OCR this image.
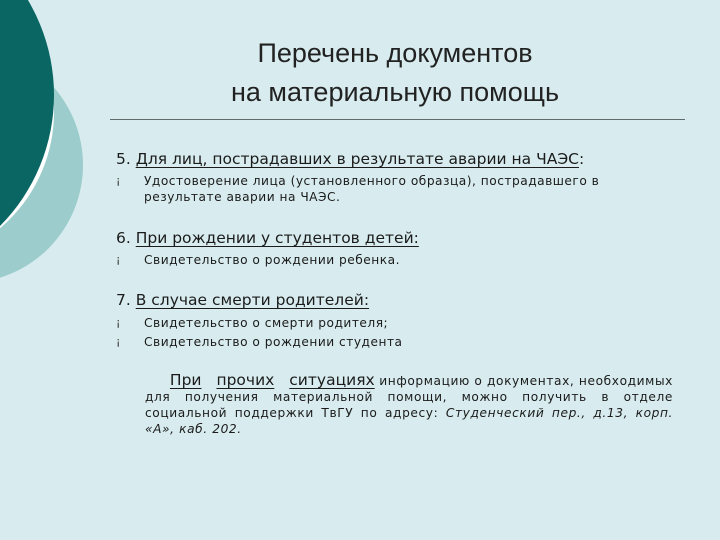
Перечень документов
на материальную помощь
5. Для лиц, пострадавших в результате аварии на ЧАЭС:
¡ Удостоверение лица (установленного образца), пострадавшего в результате аварии на ЧАЭС.
6. При рождении у студентов детей:
¡ Свидетельство о рождении ребенка.
7. В случае смерти родителей:
¡ Свидетельство о смерти родителя;
¡ Свидетельство о рождении студента
При прочих ситуациях информацию о документах, необходимых для получения материальной помощи, можно получить в отделе социальной поддержки ТвГУ по адресу: Студенческий пер., д.13, корп. «А», каб. 202.
